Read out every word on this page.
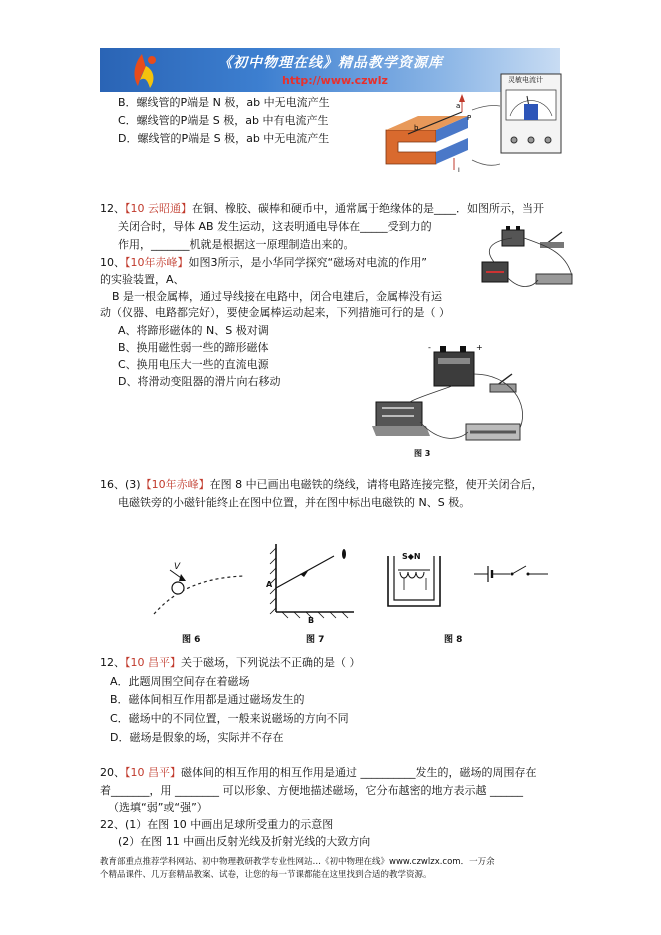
《初中物理在线》精品教学资源库
http://www.czwlz	灵敏电流计
b
a
P
I
B．螺线管的P端是 N 极，ab 中无电流产生
C．螺线管的P端是 S 极，ab 中有电流产生
D．螺线管的P端是 S 极，ab 中无电流产生
12、【10 云昭通】在铜、橡胶、碳棒和硬币中，通常属于绝缘体的是____．如图所示，当开
关闭合时，导体 AB 发生运动，这表明通电导体在_____受到力的
作用，_______机就是根据这一原理制造出来的。
10、【10年赤峰】如图3所示，是小华同学探究“磁场对电流的作用”
的实验装置，A、
B 是一根金属棒，通过导线接在电路中，闭合电建后，金属棒没有运
动（仪器、电路都完好），要使金属棒运动起来，下列措施可行的是（ ）
A、将蹄形磁体的 N、S 极对调
B、换用磁性弱一些的蹄形磁体
C、换用电压大一些的直流电源
D、将滑动变阻器的滑片向右移动
-	+
图 3
16、(3)【10年赤峰】在图 8 中已画出电磁铁的绕线，请将电路连接完整，使开关闭合后，
电磁铁旁的小磁针能终止在图中位置，并在图中标出电磁铁的 N、S 极。
V
图 6
A
B
图 7
S◆N
图 8
12、【10 昌平】关于磁场，下列说法不正确的是（ ）
A．此题周围空间存在着磁场
B．磁体间相互作用都是通过磁场发生的
C．磁场中的不同位置，一般来说磁场的方向不同
D．磁场是假象的场，实际并不存在
20、【10 昌平】磁体间的相互作用的相互作用是通过 __________发生的，磁场的周围存在
着_______，用 ________ 可以形象、方便地描述磁场，它分布越密的地方表示越 ______
（选填“弱”或“强”）
22、(1）在图 10 中画出足球所受重力的示意图
(2）在图 11 中画出反射光线及折射光线的大致方向
教育部重点推荐学科网站、初中物理教研教学专业性网站…《初中物理在线》www.czwlzx.com．一万余
个精品课件、几万套精品教案、试卷，让您的每一节课都能在这里找到合适的教学资源。
